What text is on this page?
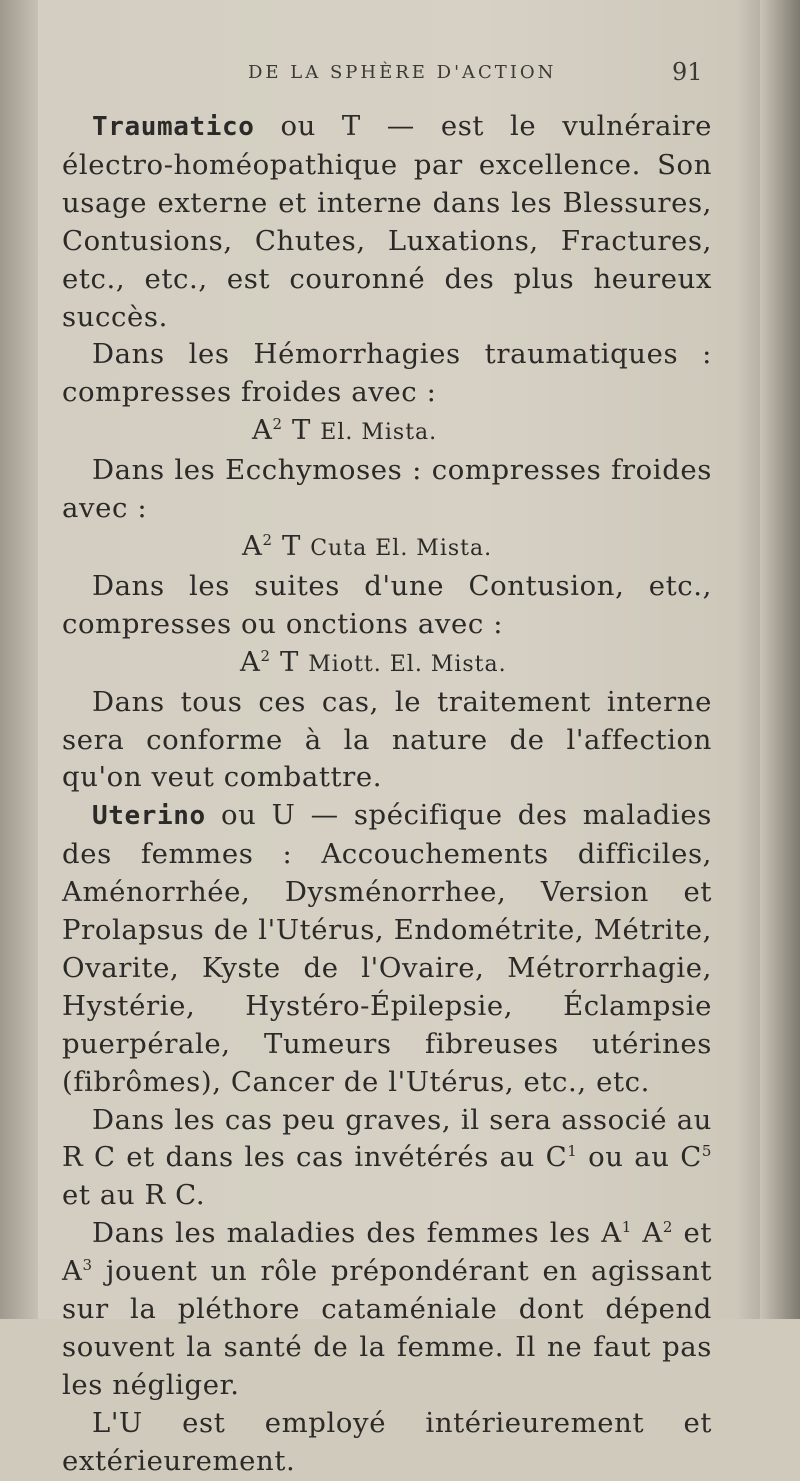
DE LA SPHÈRE D'ACTION	91

Traumatico ou T — est le vulnéraire électro-homéopathique par excellence. Son usage externe et interne dans les Blessures, Contusions, Chutes, Luxations, Fractures, etc., etc., est couronné des plus heureux succès.

Dans les Hémorrhagies traumatiques : compresses froides avec :

$A^2$ T El. Mista.

Dans les Ecchymoses : compresses froides avec :

$A^2$ T Cuta El. Mista.

Dans les suites d'une Contusion, etc., compresses ou onctions avec :

$A^2$ T Miott. El. Mista.

Dans tous ces cas, le traitement interne sera conforme à la nature de l'affection qu'on veut combattre.

Uterino ou U — spécifique des maladies des femmes : Accouchements difficiles, Aménorrhée, Dysménorrhee, Version et Prolapsus de l'Utérus, Endométrite, Métrite, Ovarite, Kyste de l'Ovaire, Métrorrhagie, Hystérie, Hystéro-Épilepsie, Éclampsie puerpérale, Tumeurs fibreuses utérines (fibrômes), Cancer de l'Utérus, etc., etc.

Dans les cas peu graves, il sera associé au R C et dans les cas invétérés au $C^1$ ou au $C^5$ et au R C.

Dans les maladies des femmes les $A^1$ $A^2$ et $A^3$ jouent un rôle prépondérant en agissant sur la pléthore cataméniale dont dépend souvent la santé de la femme. Il ne faut pas les négliger.

L'U est employé intérieurement et extérieurement.
